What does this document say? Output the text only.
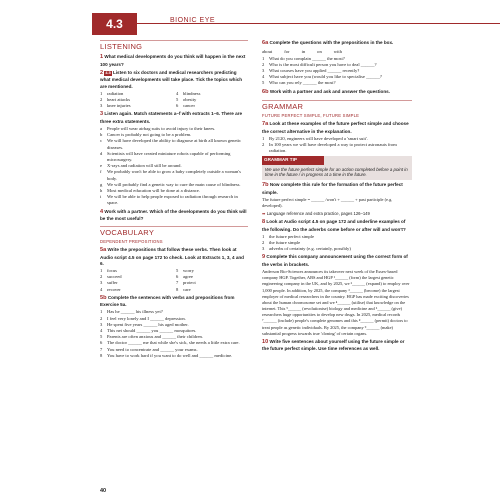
4.3	BIONIC EYE
LISTENING
1 What medical developments do you think will happen in the next 100 years?
2 4.5 Listen to six doctors and medical researchers predicting what medical developments will take place. Tick the topics which are mentioned.
1	radiation	4	blindness
2	heart attacks	5	obesity
3	knee injuries	6	cancer
3 Listen again. Match statements a–f with extracts 1–6. There are three extra statements.
a	People will wear airbag suits to avoid injury to their knees.
b	Cancer is probably not going to be a problem.
c	We will have developed the ability to diagnose at birth all known genetic diseases.
d	Scientists will have created miniature robots capable of performing microsurgery.
e	X-rays and radiation will still be around.
f	We probably won't be able to grow a baby completely outside a woman's body.
g	We will probably find a genetic way to cure the main cause of blindness.
h	Most medical education will be done at a distance.
i	We will be able to help people exposed to radiation through research in space.
4 Work with a partner. Which of the developments do you think will be the most useful?
VOCABULARY
DEPENDENT PREPOSITIONS
5a Write the prepositions that follow these verbs. Then look at Audio script 4.5 on page 172 to check. Look at Extracts 1, 3, 4 and 6.
1	focus	5	worry
2	succeed	6	agree
3	suffer	7	protect
4	recover	8	care
5b Complete the sentences with verbs and prepositions from Exercise 5a.
1	Has he ______ his illness yet?
2	I feel very lonely and I ______ depression.
3	He spent five years ______ his aged mother.
4	This net should ______ you ______ mosquitoes.
5	Parents are often anxious and ______ their children.
6	The doctor ______ me that while she's sick, she needs a little extra care.
7	You need to concentrate and ______ your exams.
8	You have to work hard if you want to do well and ______ medicine.
6a Complete the questions with the prepositions in the box.
about	for	in	on	with
1	What do you complain ______ the most?
2	Who is the most difficult person you have to deal ______?
3	What courses have you applied ______ recently?
4	What subject have you (would you like to specialise ______?
5	Who can you rely ______ the most?
6b Work with a partner and ask and answer the questions.
GRAMMAR
FUTURE PERFECT SIMPLE, FUTURE SIMPLE
7a Look at these examples of the future perfect simple and choose the correct alternative in the explanation.
1	By 2120, engineers will have developed a 'smart suit'.
2	In 100 years we will have developed a way to protect astronauts from radiation.
GRAMMAR TIP
We use the future perfect simple for an action completed before a point in time in the future / in progress at a time in the future.
7b Now complete this rule for the formation of the future perfect simple.
The future perfect simple = ______ /won't + ______ + past participle (e.g. developed).
➡ Language reference and extra practice, pages 126–149
8 Look at Audio script 4.5 on page 172 and underline examples of the following. Do the adverbs come before or after will and won't?
1	the future perfect simple
2	the future simple
3	adverbs of certainty (e.g. certainly, possibly)
9 Complete this company announcement using the correct form of the verbs in brackets.
Anderson Bio-Sciences announces its takeover next week of the Essex-based company HGP. Together, ABS and HGP ¹______ (form) the largest genetic engineering company in the UK, and by 2025, we ²______ (expand) to employ over 1,000 people. In addition, by 2025, the company ³______ (become) the largest employer of medical researchers in the country. HGP has made exciting discoveries about the human chromosome set and we ⁴______ (utilise) that knowledge on the internet. This ⁵______ (revolutionise) biology and medicine and ⁶______ (give) researchers huge opportunities to develop new drugs. In 2025, medical records ⁷______ (include) people's complete genomes and this ⁸______ (permit) doctors to treat people as genetic individuals. By 2025, the company ⁹______ (make) substantial progress towards true 'cloning' of certain organs.
10 Write five sentences about yourself using the future simple or the future perfect simple. Use time references as well.
40
